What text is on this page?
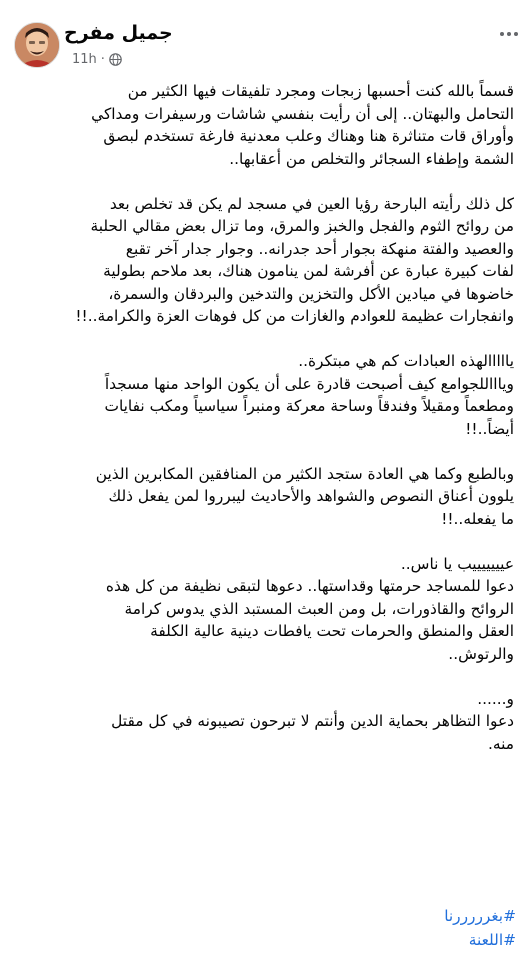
جميل مفرح
11h ·

قسماً بالله كنت أحسبها زبجات ومجرد تلفيقات فيها الكثير من
التحامل والبهتان.. إلى أن رأيت بنفسي شاشات ورسيفرات ومداكي
وأوراق قات متناثرة هنا وهناك وعلب معدنية فارغة تستخدم لبصق
الشمة وإطفاء السجائر والتخلص من أعقابها..

كل ذلك رأيته البارحة رؤيا العين في مسجد لم يكن قد تخلص بعد
من روائح الثوم والفجل والخبز والمرق، وما تزال بعض مقالي الحلبة
والعصيد والفتة منهكة بجوار أحد جدرانه.. وجوار جدار آخر تقبع
لفات كبيرة عبارة عن أفرشة لمن ينامون هناك، بعد ملاحم بطولية
خاضوها في ميادين الأكل والتخزين والتدخين والبردقان والسمرة،
وانفجارات عظيمة للعوادم والغازات من كل فوهات العزة والكرامة..!!

يااااالهذه العبادات كم هي مبتكرة..
وياااللجوامع كيف أصبحت قادرة على أن يكون الواحد منها مسجداً
ومطعماً ومقيلاً وفندقاً وساحة معركة ومنبراً سياسياً ومكب نفايات
أيضاً..!!

وبالطبع وكما هي العادة ستجد الكثير من المنافقين المكابرين الذين
يلوون أعناق النصوص والشواهد والأحاديث ليبرروا لمن يفعل ذلك
ما يفعله..!!

عيييييييب يا ناس..
دعوا للمساجد حرمتها وقداستها.. دعوها لتبقى نظيفة من كل هذه
الروائح والقاذورات، بل ومن العبث المستبد الذي يدوس كرامة
العقل والمنطق والحرمات تحت يافطات دينية عالية الكلفة
والرتوش..

و......
دعوا التظاهر بحماية الدين وأنتم لا تبرحون تصيبونه في كل مقتل
منه.

#بغرررررنا
#اللعنة
